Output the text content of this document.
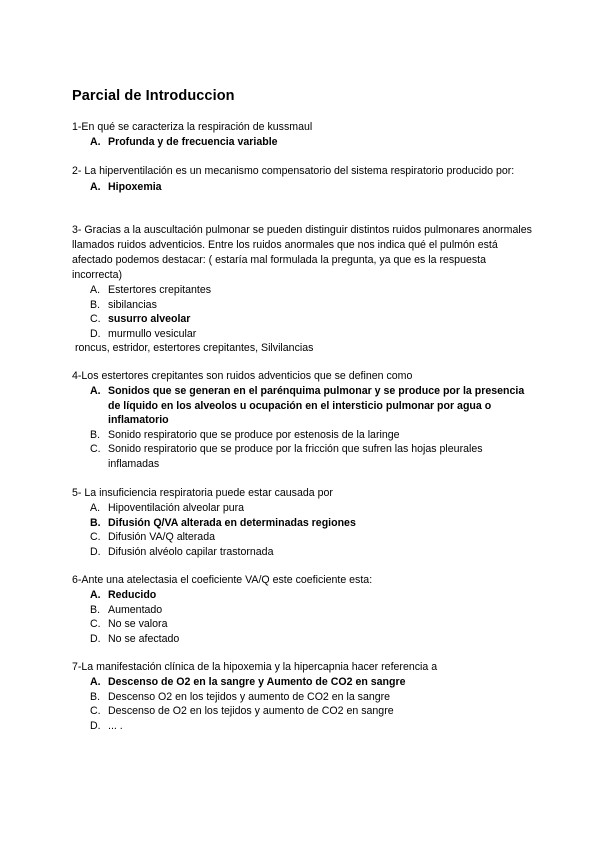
Parcial de Introduccion
1-En qué se caracteriza la respiración de kussmaul
A. Profunda y de frecuencia variable
2- La hiperventilación es un mecanismo compensatorio del sistema respiratorio producido por:
A. Hipoxemia
3- Gracias a la auscultación pulmonar se pueden distinguir distintos ruidos pulmonares anormales llamados ruidos adventicios. Entre los ruidos anormales que nos indica qué el pulmón está afectado podemos destacar: ( estaría mal formulada la pregunta, ya que es la respuesta incorrecta)
A. Estertores crepitantes
B. sibilancias
C. susurro alveolar
D. murmullo vesicular
roncus, estridor, estertores crepitantes, Silvilancias
4-Los estertores crepitantes son ruidos adventicios que se definen como
A. Sonidos que se generan en el parénquima pulmonar y se produce por la presencia de líquido en los alveolos u ocupación en el intersticio pulmonar por agua o inflamatorio
B. Sonido respiratorio que se produce por estenosis de la laringe
C. Sonido respiratorio que se produce por la fricción que sufren las hojas pleurales inflamadas
5- La insuficiencia respiratoria puede estar causada por
A. Hipoventilación alveolar pura
B. Difusión Q/VA alterada en determinadas regiones
C. Difusión VA/Q alterada
D. Difusión alvéolo capilar trastornada
6-Ante una atelectasia el coeficiente VA/Q este coeficiente esta:
A. Reducido
B. Aumentado
C. No se valora
D. No se afectado
7-La manifestación clínica de la hipoxemia y la hipercapnia hacer referencia a
A. Descenso de O2 en la sangre y Aumento de CO2 en sangre
B. Descenso O2 en los tejidos y aumento de CO2 en la sangre
C. Descenso de O2 en los tejidos y aumento de CO2 en sangre
D. ... .
